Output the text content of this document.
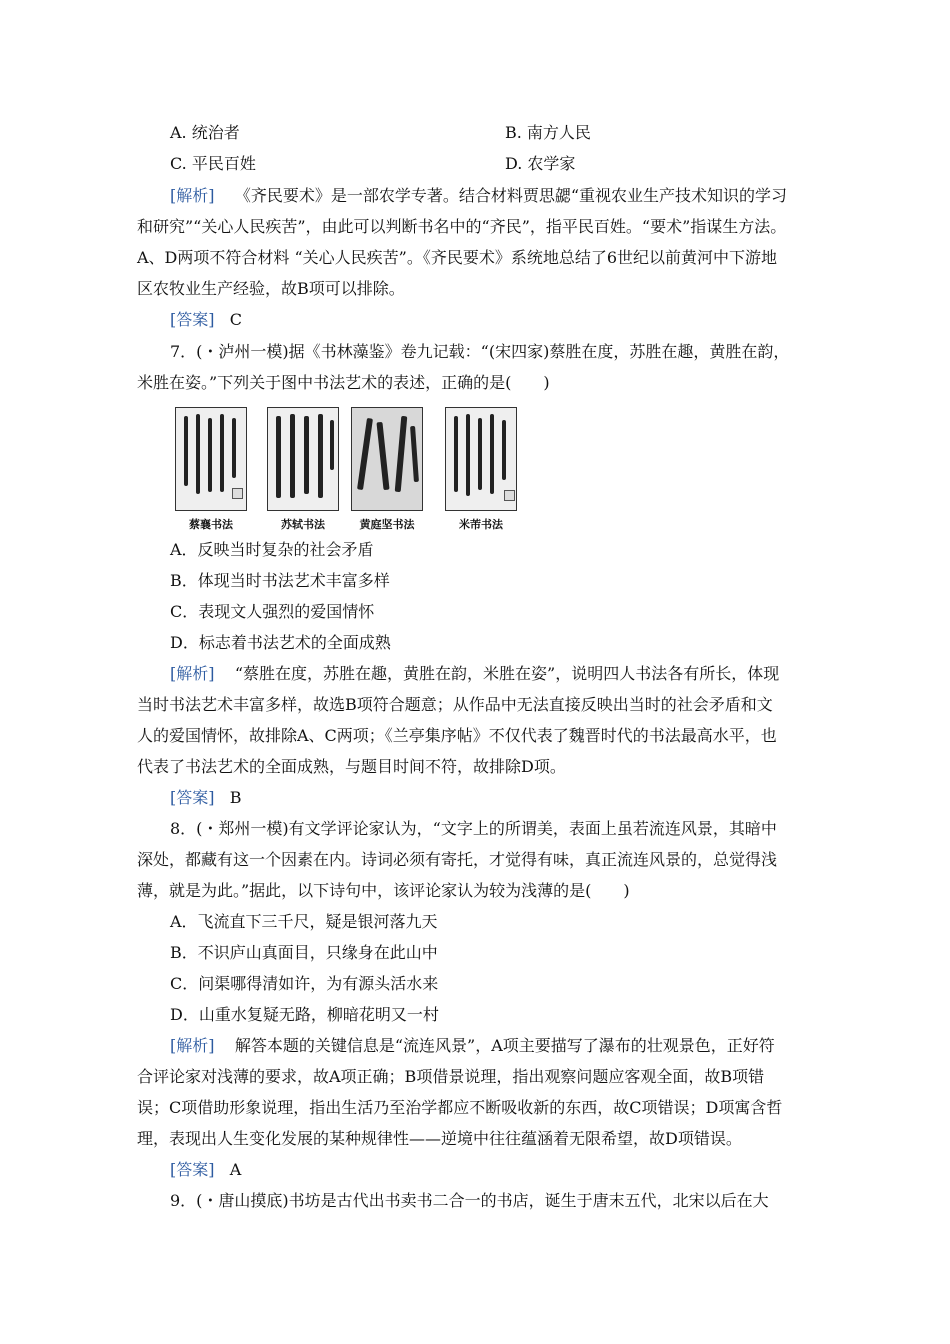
A. 统治者	B. 南方人民
C. 平民百姓	D. 农学家
[解析] 《齐民要术》是一部农学专著。结合材料贾思勰“重视农业生产技术知识的学习
和研究”“关心人民疾苦”，由此可以判断书名中的“齐民”，指平民百姓。“要术”指谋生方法。
A、D两项不符合材料 “关心人民疾苦”。《齐民要术》系统地总结了6世纪以前黄河中下游地
区农牧业生产经验，故B项可以排除。
[答案] C
7．(・泸州一模)据《书林藻鉴》卷九记载：“(宋四家)蔡胜在度，苏胜在趣，黄胜在韵，
米胜在姿。”下列关于图中书法艺术的表述，正确的是(　　)
蔡襄书法	苏轼书法	黄庭坚书法	米芾书法
A．反映当时复杂的社会矛盾
B．体现当时书法艺术丰富多样
C．表现文人强烈的爱国情怀
D．标志着书法艺术的全面成熟
[解析] “蔡胜在度，苏胜在趣，黄胜在韵，米胜在姿”，说明四人书法各有所长，体现
当时书法艺术丰富多样，故选B项符合题意；从作品中无法直接反映出当时的社会矛盾和文
人的爱国情怀，故排除A、C两项；《兰亭集序帖》不仅代表了魏晋时代的书法最高水平，也
代表了书法艺术的全面成熟，与题目时间不符，故排除D项。
[答案] B
8．(・郑州一模)有文学评论家认为，“文字上的所谓美，表面上虽若流连风景，其暗中
深处，都藏有这一个因素在内。诗词必须有寄托，才觉得有味，真正流连风景的，总觉得浅
薄，就是为此。”据此，以下诗句中，该评论家认为较为浅薄的是(　　)
A．飞流直下三千尺，疑是银河落九天
B．不识庐山真面目，只缘身在此山中
C．问渠哪得清如许，为有源头活水来
D．山重水复疑无路，柳暗花明又一村
[解析] 解答本题的关键信息是“流连风景”，A项主要描写了瀑布的壮观景色，正好符
合评论家对浅薄的要求，故A项正确；B项借景说理，指出观察问题应客观全面，故B项错
误；C项借助形象说理，指出生活乃至治学都应不断吸收新的东西，故C项错误；D项寓含哲
理，表现出人生变化发展的某种规律性——逆境中往往蕴涵着无限希望，故D项错误。
[答案] A
9．(・唐山摸底)书坊是古代出书卖书二合一的书店，诞生于唐末五代，北宋以后在大
